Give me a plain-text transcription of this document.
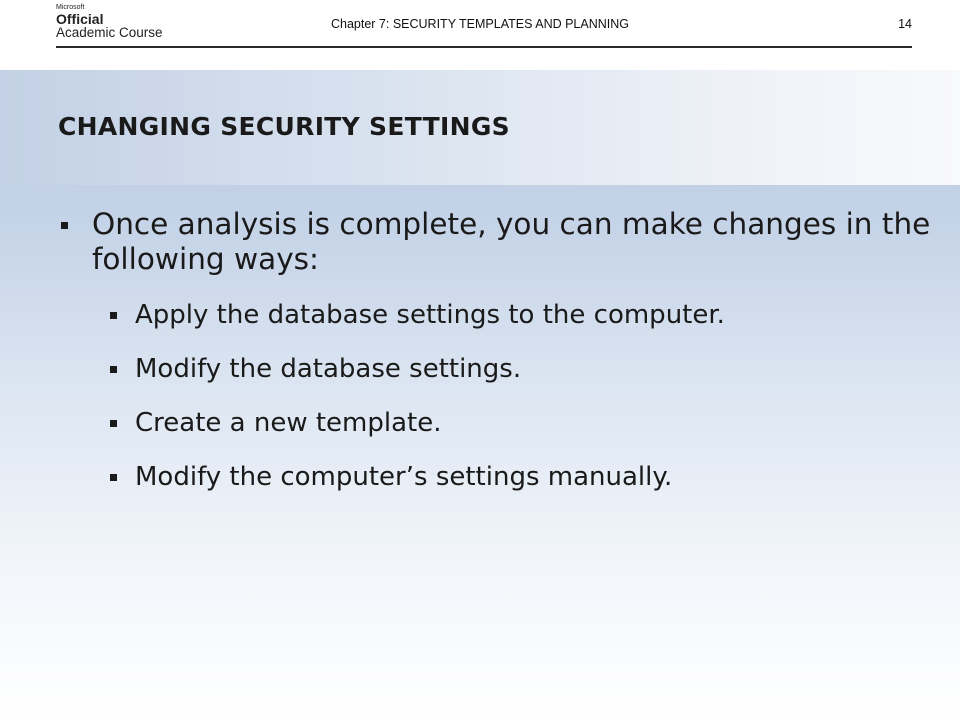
Microsoft
Official
Academic Course
Chapter 7: SECURITY TEMPLATES AND PLANNING	14
CHANGING SECURITY SETTINGS
Once analysis is complete, you can make changes in the following ways:
Apply the database settings to the computer.
Modify the database settings.
Create a new template.
Modify the computer’s settings manually.
